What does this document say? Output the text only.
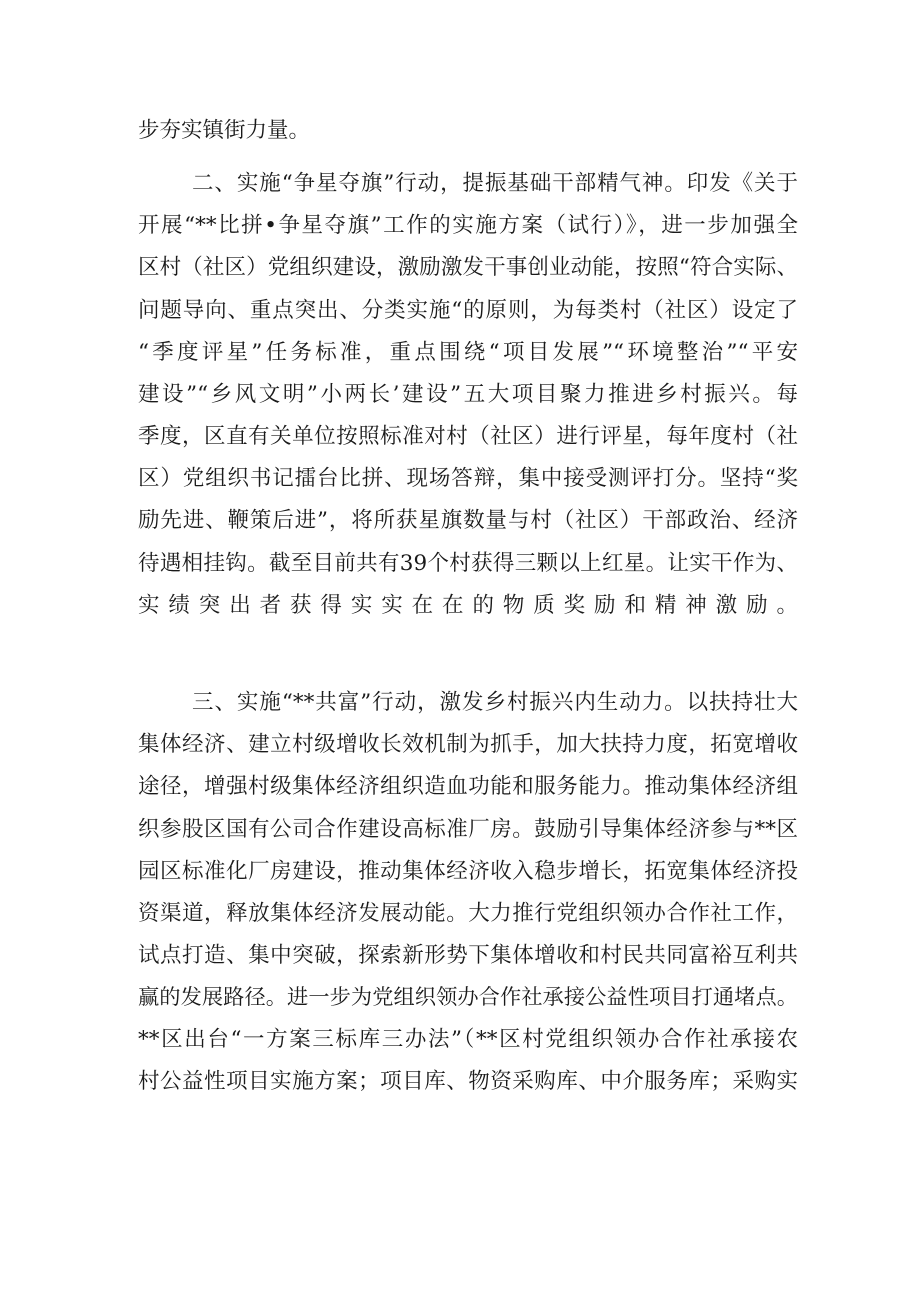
步夯实镇街力量。
二、实施“争星夺旗”行动，提振基础干部精气神。印发《关于
开展“**比拼•争星夺旗”工作的实施方案（试行）》，进一步加强全
区村（社区）党组织建设，激励激发干事创业动能，按照“符合实际、
问题导向、重点突出、分类实施“的原则，为每类村（社区）设定了
“季度评星”任务标准，重点围绕“项目发展”“环境整治”“平安
建设”“乡风文明”小两长’建设”五大项目聚力推进乡村振兴。每
季度，区直有关单位按照标准对村（社区）进行评星，每年度村（社
区）党组织书记擂台比拼、现场答辩，集中接受测评打分。坚持“奖
励先进、鞭策后进”，将所获星旗数量与村（社区）干部政治、经济
待遇相挂钩。截至目前共有39个村获得三颗以上红星。让实干作为、
实绩突出者获得实实在在的物质奖励和精神激励。
三、实施“**共富”行动，激发乡村振兴内生动力。以扶持壮大
集体经济、建立村级增收长效机制为抓手，加大扶持力度，拓宽增收
途径，增强村级集体经济组织造血功能和服务能力。推动集体经济组
织参股区国有公司合作建设高标准厂房。鼓励引导集体经济参与**区
园区标准化厂房建设，推动集体经济收入稳步增长，拓宽集体经济投
资渠道，释放集体经济发展动能。大力推行党组织领办合作社工作，
试点打造、集中突破，探索新形势下集体增收和村民共同富裕互利共
赢的发展路径。进一步为党组织领办合作社承接公益性项目打通堵点。
**区出台“一方案三标库三办法”（**区村党组织领办合作社承接农
村公益性项目实施方案；项目库、物资采购库、中介服务库；采购实
